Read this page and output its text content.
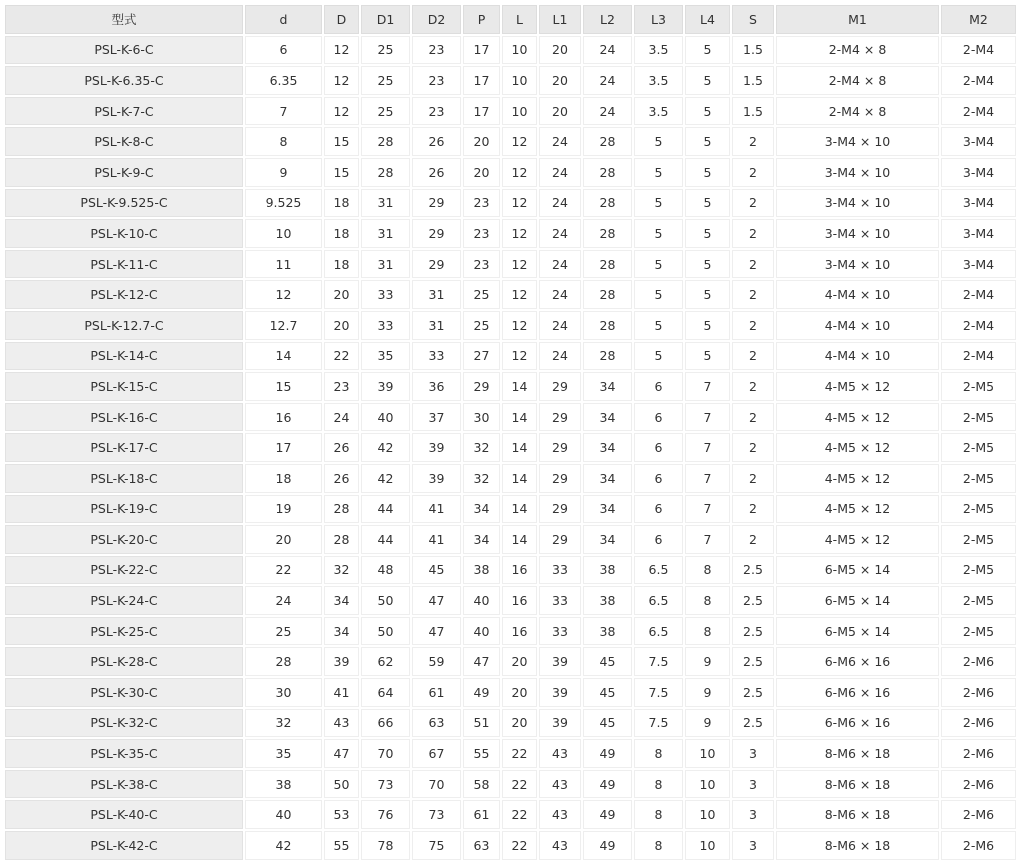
型式	d	D	D1	D2	P	L	L1	L2	L3	L4	S	M1	M2
PSL-K-6-C	6	12	25	23	17	10	20	24	3.5	5	1.5	2-M4 × 8	2-M4
PSL-K-6.35-C	6.35	12	25	23	17	10	20	24	3.5	5	1.5	2-M4 × 8	2-M4
PSL-K-7-C	7	12	25	23	17	10	20	24	3.5	5	1.5	2-M4 × 8	2-M4
PSL-K-8-C	8	15	28	26	20	12	24	28	5	5	2	3-M4 × 10	3-M4
PSL-K-9-C	9	15	28	26	20	12	24	28	5	5	2	3-M4 × 10	3-M4
PSL-K-9.525-C	9.525	18	31	29	23	12	24	28	5	5	2	3-M4 × 10	3-M4
PSL-K-10-C	10	18	31	29	23	12	24	28	5	5	2	3-M4 × 10	3-M4
PSL-K-11-C	11	18	31	29	23	12	24	28	5	5	2	3-M4 × 10	3-M4
PSL-K-12-C	12	20	33	31	25	12	24	28	5	5	2	4-M4 × 10	2-M4
PSL-K-12.7-C	12.7	20	33	31	25	12	24	28	5	5	2	4-M4 × 10	2-M4
PSL-K-14-C	14	22	35	33	27	12	24	28	5	5	2	4-M4 × 10	2-M4
PSL-K-15-C	15	23	39	36	29	14	29	34	6	7	2	4-M5 × 12	2-M5
PSL-K-16-C	16	24	40	37	30	14	29	34	6	7	2	4-M5 × 12	2-M5
PSL-K-17-C	17	26	42	39	32	14	29	34	6	7	2	4-M5 × 12	2-M5
PSL-K-18-C	18	26	42	39	32	14	29	34	6	7	2	4-M5 × 12	2-M5
PSL-K-19-C	19	28	44	41	34	14	29	34	6	7	2	4-M5 × 12	2-M5
PSL-K-20-C	20	28	44	41	34	14	29	34	6	7	2	4-M5 × 12	2-M5
PSL-K-22-C	22	32	48	45	38	16	33	38	6.5	8	2.5	6-M5 × 14	2-M5
PSL-K-24-C	24	34	50	47	40	16	33	38	6.5	8	2.5	6-M5 × 14	2-M5
PSL-K-25-C	25	34	50	47	40	16	33	38	6.5	8	2.5	6-M5 × 14	2-M5
PSL-K-28-C	28	39	62	59	47	20	39	45	7.5	9	2.5	6-M6 × 16	2-M6
PSL-K-30-C	30	41	64	61	49	20	39	45	7.5	9	2.5	6-M6 × 16	2-M6
PSL-K-32-C	32	43	66	63	51	20	39	45	7.5	9	2.5	6-M6 × 16	2-M6
PSL-K-35-C	35	47	70	67	55	22	43	49	8	10	3	8-M6 × 18	2-M6
PSL-K-38-C	38	50	73	70	58	22	43	49	8	10	3	8-M6 × 18	2-M6
PSL-K-40-C	40	53	76	73	61	22	43	49	8	10	3	8-M6 × 18	2-M6
PSL-K-42-C	42	55	78	75	63	22	43	49	8	10	3	8-M6 × 18	2-M6
